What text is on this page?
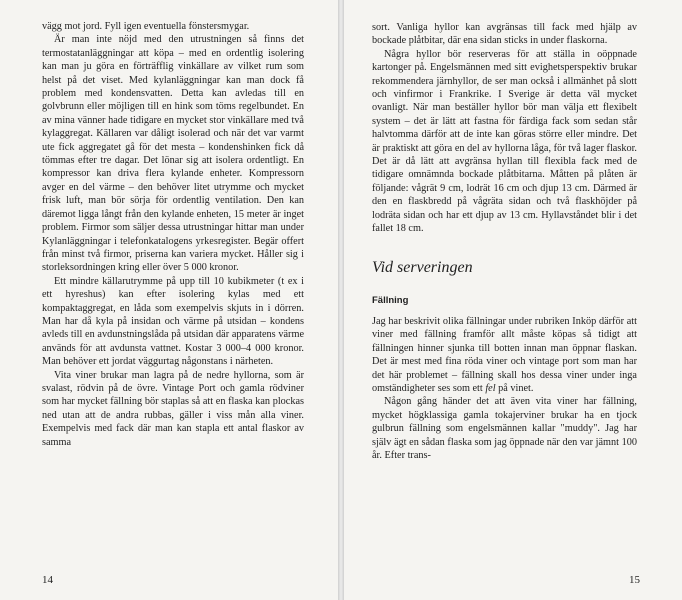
vägg mot jord. Fyll igen eventuella fönstersmygar.

Är man inte nöjd med den utrustningen så finns det termostatanläggningar att köpa – med en ordentlig isolering kan man ju göra en förträfflig vinkällare av vilket rum som helst på det viset. Med kylanläggningar kan man dock få problem med kondensvatten. Detta kan avledas till en golvbrunn eller möjligen till en hink som töms regelbundet. En av mina vänner hade tidigare en mycket stor vinkällare med två kylaggregat. Källaren var dåligt isolerad och när det var varmt ute fick aggregatet gå för det mesta – kondenshinken fick då tömmas efter tre dagar. Det lönar sig att isolera ordentligt. En kompressor kan driva flera kylande enheter. Kompressorn avger en del värme – den behöver litet utrymme och mycket frisk luft, man bör sörja för ordentlig ventilation. Den kan däremot ligga långt från den kylande enheten, 15 meter är inget problem. Firmor som säljer dessa utrustningar hittar man under Kylanläggningar i telefonkatalogens yrkesregister. Begär offert från minst två firmor, priserna kan variera mycket. Håller sig i storleksordningen kring eller över 5 000 kronor.

Ett mindre källarutrymme på upp till 10 kubikmeter (t ex i ett hyreshus) kan efter isolering kylas med ett kompaktaggregat, en låda som exempelvis skjuts in i dörren. Man har då kyla på insidan och värme på utsidan – kondens avleds till en avdunstningslåda på utsidan där apparatens värme används för att avdunsta vattnet. Kostar 3 000–4 000 kronor. Man behöver ett jordat väggurtag någonstans i närheten.

Vita viner brukar man lagra på de nedre hyllorna, som är svalast, rödvin på de övre. Vintage Port och gamla rödviner som har mycket fällning bör staplas så att en flaska kan plockas ned utan att de andra rubbas, gäller i viss mån alla viner. Exempelvis med fack där man kan stapla ett antal flaskor av samma

14

sort. Vanliga hyllor kan avgränsas till fack med hjälp av bockade plåtbitar, där ena sidan sticks in under flaskorna.

Några hyllor bör reserveras för att ställa in oöppnade kartonger på. Engelsmännen med sitt evighetsperspektiv brukar rekommendera järnhyllor, de ser man också i allmänhet på slott och vinfirmor i Frankrike. I Sverige är detta väl mycket ovanligt. När man beställer hyllor bör man välja ett flexibelt system – det är lätt att fastna för färdiga fack som sedan står halvtomma därför att de inte kan göras större eller mindre. Det är praktiskt att göra en del av hyllorna låga, för två lager flaskor. Det är då lätt att avgränsa hyllan till flexibla fack med de tidigare omnämnda bockade plåtbitarna. Måtten på plåten är följande: vågrät 9 cm, lodrät 16 cm och djup 13 cm. Därmed är den en flaskbredd på vågräta sidan och två flaskhöjder på lodräta sidan och har ett djup av 13 cm. Hyllavståndet blir i det fallet 18 cm.

Vid serveringen
Fällning

Jag har beskrivit olika fällningar under rubriken Inköp därför att viner med fällning framför allt måste köpas så tidigt att fällningen hinner sjunka till botten innan man öppnar flaskan. Det är mest med fina röda viner och vintage port som man har det här problemet – fällning skall hos dessa viner under inga omständigheter ses som ett fel på vinet.

Någon gång händer det att även vita viner har fällning, mycket högklassiga gamla tokajerviner brukar ha en tjock gulbrun fällning som engelsmännen kallar "muddy". Jag har själv ägt en sådan flaska som jag öppnade när den var jämnt 100 år. Efter trans-

15
